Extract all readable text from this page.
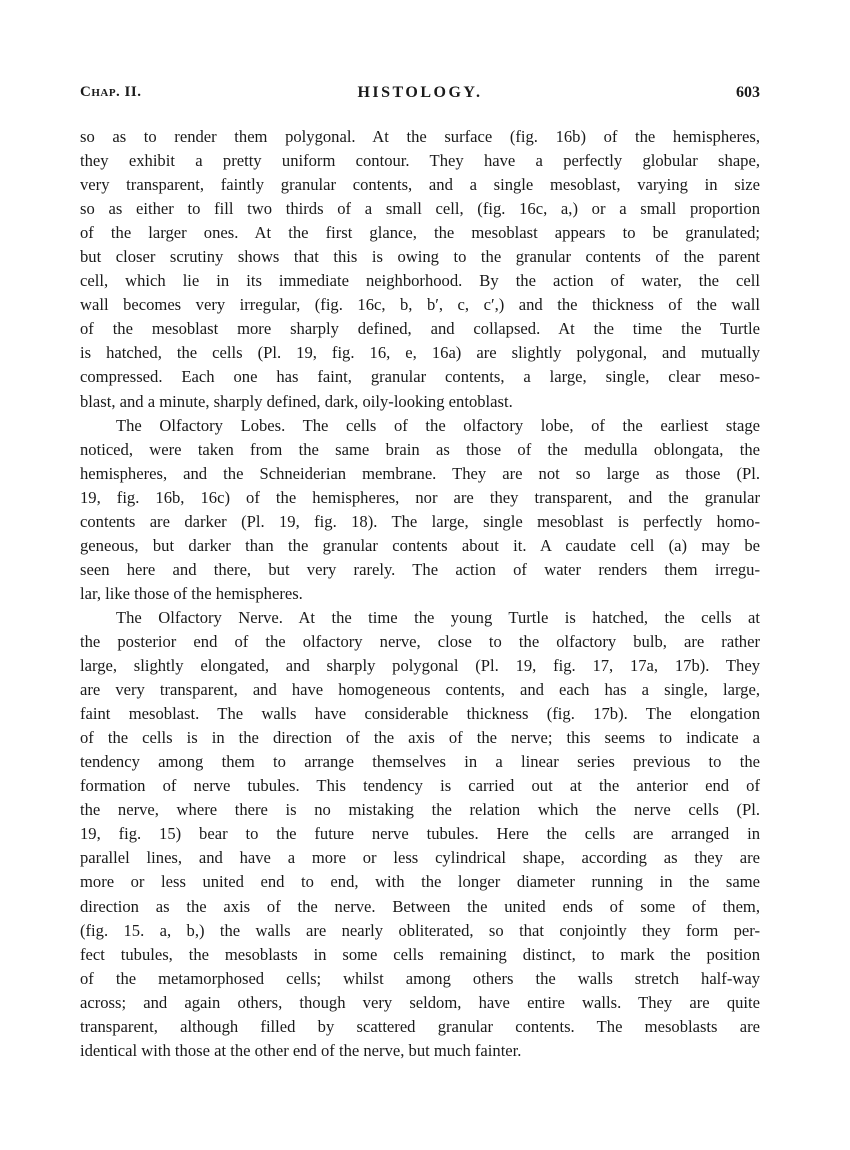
Chap. II.	HISTOLOGY.	603
so as to render them polygonal. At the surface (fig. 16b) of the hemispheres,
they exhibit a pretty uniform contour. They have a perfectly globular shape,
very transparent, faintly granular contents, and a single mesoblast, varying in size
so as either to fill two thirds of a small cell, (fig. 16c, a,) or a small proportion
of the larger ones. At the first glance, the mesoblast appears to be granulated;
but closer scrutiny shows that this is owing to the granular contents of the parent
cell, which lie in its immediate neighborhood. By the action of water, the cell
wall becomes very irregular, (fig. 16c, b, b′, c, c′,) and the thickness of the wall
of the mesoblast more sharply defined, and collapsed. At the time the Turtle
is hatched, the cells (Pl. 19, fig. 16, e, 16a) are slightly polygonal, and mutually
compressed. Each one has faint, granular contents, a large, single, clear meso-
blast, and a minute, sharply defined, dark, oily-looking entoblast.
The Olfactory Lobes. The cells of the olfactory lobe, of the earliest stage
noticed, were taken from the same brain as those of the medulla oblongata, the
hemispheres, and the Schneiderian membrane. They are not so large as those (Pl.
19, fig. 16b, 16c) of the hemispheres, nor are they transparent, and the granular
contents are darker (Pl. 19, fig. 18). The large, single mesoblast is perfectly homo-
geneous, but darker than the granular contents about it. A caudate cell (a) may be
seen here and there, but very rarely. The action of water renders them irregu-
lar, like those of the hemispheres.
The Olfactory Nerve. At the time the young Turtle is hatched, the cells at
the posterior end of the olfactory nerve, close to the olfactory bulb, are rather
large, slightly elongated, and sharply polygonal (Pl. 19, fig. 17, 17a, 17b). They
are very transparent, and have homogeneous contents, and each has a single, large,
faint mesoblast. The walls have considerable thickness (fig. 17b). The elongation
of the cells is in the direction of the axis of the nerve; this seems to indicate a
tendency among them to arrange themselves in a linear series previous to the
formation of nerve tubules. This tendency is carried out at the anterior end of
the nerve, where there is no mistaking the relation which the nerve cells (Pl.
19, fig. 15) bear to the future nerve tubules. Here the cells are arranged in
parallel lines, and have a more or less cylindrical shape, according as they are
more or less united end to end, with the longer diameter running in the same
direction as the axis of the nerve. Between the united ends of some of them,
(fig. 15. a, b,) the walls are nearly obliterated, so that conjointly they form per-
fect tubules, the mesoblasts in some cells remaining distinct, to mark the position
of the metamorphosed cells; whilst among others the walls stretch half-way
across; and again others, though very seldom, have entire walls. They are quite
transparent, although filled by scattered granular contents. The mesoblasts are
identical with those at the other end of the nerve, but much fainter.
